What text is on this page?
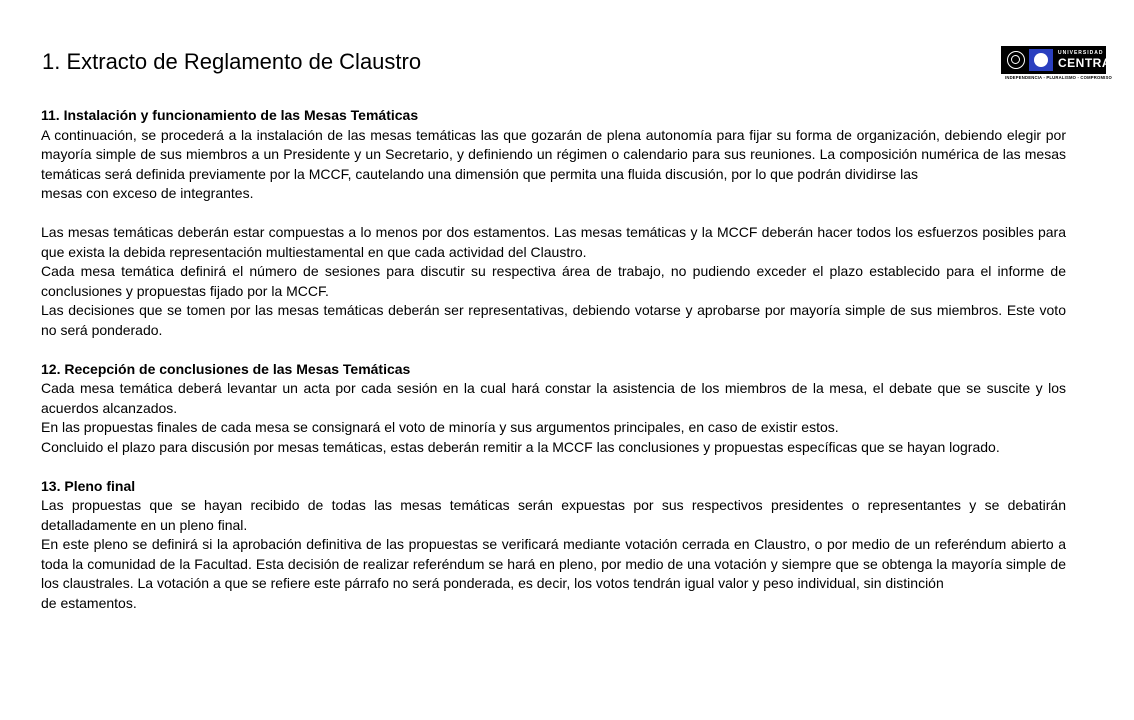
1. Extracto de Reglamento de Claustro	UNIVERSIDAD
CENTRAL
INDEPENDENCIA - PLURALISMO - COMPROMISO
11. Instalación y funcionamiento de las Mesas Temáticas

A continuación, se procederá a la instalación de las mesas temáticas las que gozarán de plena autonomía para fijar su forma de organización, debiendo elegir por mayoría simple de sus miembros a un Presidente y un Secretario, y definiendo un régimen o calendario para sus reuniones. La composición numérica de las mesas temáticas será definida previamente por la MCCF, cautelando una dimensión que permita una fluida discusión, por lo que podrán dividirse las

mesas con exceso de integrantes.

Las mesas temáticas deberán estar compuestas a lo menos por dos estamentos. Las mesas temáticas y la MCCF deberán hacer todos los esfuerzos posibles para que exista la debida representación multiestamental en que cada actividad del Claustro.

Cada mesa temática definirá el número de sesiones para discutir su respectiva área de trabajo, no pudiendo exceder el plazo establecido para el informe de conclusiones y propuestas fijado por la MCCF.

Las decisiones que se tomen por las mesas temáticas deberán ser representativas, debiendo votarse y aprobarse por mayoría simple de sus miembros. Este voto no será ponderado.

12. Recepción de conclusiones de las Mesas Temáticas

Cada mesa temática deberá levantar un acta por cada sesión en la cual hará constar la asistencia de los miembros de la mesa, el debate que se suscite y los acuerdos alcanzados.

En las propuestas finales de cada mesa se consignará el voto de minoría y sus argumentos principales, en caso de existir estos.

Concluido el plazo para discusión por mesas temáticas, estas deberán remitir a la MCCF las conclusiones y propuestas específicas que se hayan logrado.

13. Pleno final

Las propuestas que se hayan recibido de todas las mesas temáticas serán expuestas por sus respectivos presidentes o representantes y se debatirán detalladamente en un pleno final.

En este pleno se definirá si la aprobación definitiva de las propuestas se verificará mediante votación cerrada en Claustro, o por medio de un referéndum abierto a toda la comunidad de la Facultad. Esta decisión de realizar referéndum se hará en pleno, por medio de una votación y siempre que se obtenga la mayoría simple de los claustrales. La votación a que se refiere este párrafo no será ponderada, es decir, los votos tendrán igual valor y peso individual, sin distinción

de estamentos.
